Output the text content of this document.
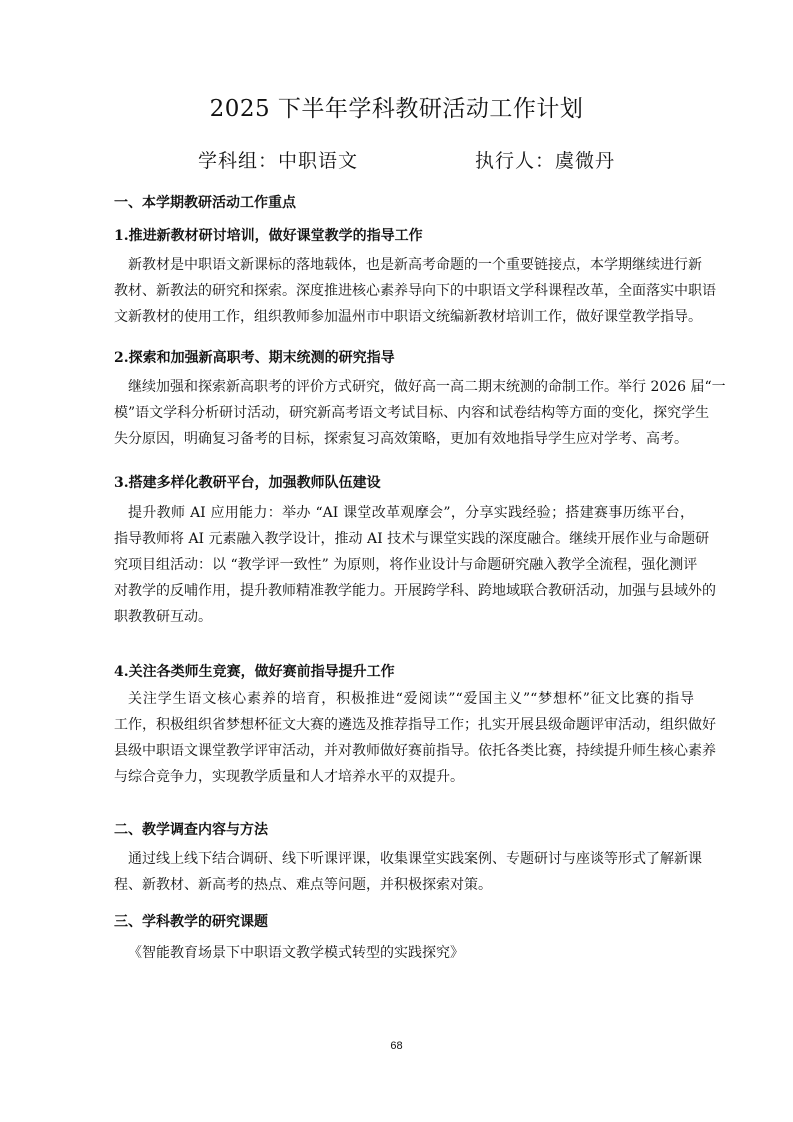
2025 下半年学科教研活动工作计划
学科组：中职语文	执行人：虞微丹
一、本学期教研活动工作重点
1.推进新教材研讨培训，做好课堂教学的指导工作
新教材是中职语文新课标的落地载体，也是新高考命题的一个重要链接点，本学期继续进行新
教材、新教法的研究和探索。深度推进核心素养导向下的中职语文学科课程改革，全面落实中职语
文新教材的使用工作，组织教师参加温州市中职语文统编新教材培训工作，做好课堂教学指导。
2.探索和加强新高职考、期末统测的研究指导
继续加强和探索新高职考的评价方式研究，做好高一高二期末统测的命制工作。举行 2026 届“一
模”语文学科分析研讨活动，研究新高考语文考试目标、内容和试卷结构等方面的变化，探究学生
失分原因，明确复习备考的目标，探索复习高效策略，更加有效地指导学生应对学考、高考。
3.搭建多样化教研平台，加强教师队伍建设
提升教师 AI 应用能力：举办 “AI 课堂改革观摩会”，分享实践经验；搭建赛事历练平台，
指导教师将 AI 元素融入教学设计，推动 AI 技术与课堂实践的深度融合。继续开展作业与命题研
究项目组活动：以 “教学评一致性” 为原则，将作业设计与命题研究融入教学全流程，强化测评
对教学的反哺作用，提升教师精准教学能力。开展跨学科、跨地域联合教研活动，加强与县域外的
职教教研互动。
4.关注各类师生竞赛，做好赛前指导提升工作
关注学生语文核心素养的培育，积极推进“爱阅读”“爱国主义”“梦想杯”征文比赛的指导
工作，积极组织省梦想杯征文大赛的遴选及推荐指导工作；扎实开展县级命题评审活动，组织做好
县级中职语文课堂教学评审活动，并对教师做好赛前指导。依托各类比赛，持续提升师生核心素养
与综合竞争力，实现教学质量和人才培养水平的双提升。
二、教学调查内容与方法
通过线上线下结合调研、线下听课评课，收集课堂实践案例、专题研讨与座谈等形式了解新课
程、新教材、新高考的热点、难点等问题，并积极探索对策。
三、学科教学的研究课题
《智能教育场景下中职语文教学模式转型的实践探究》
68
